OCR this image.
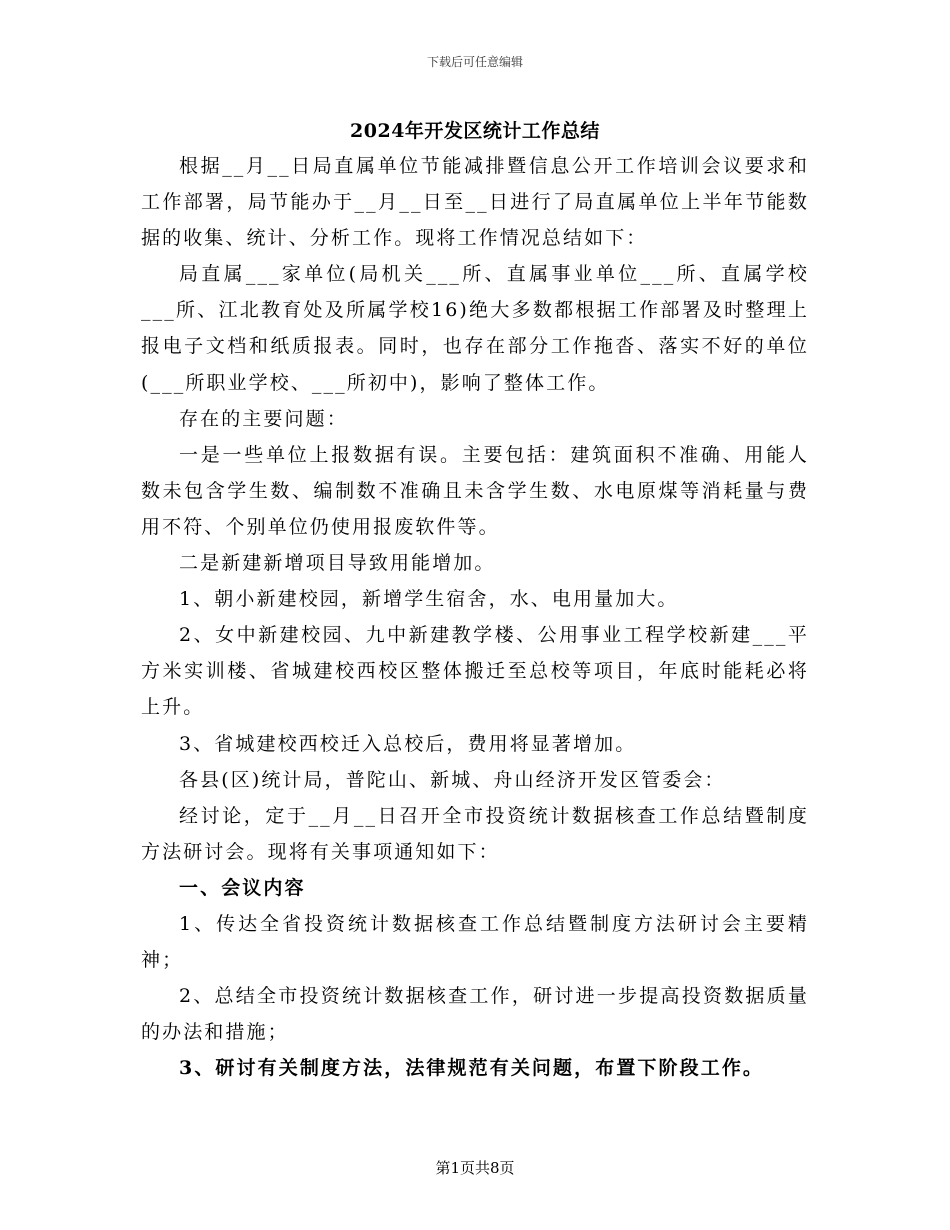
下载后可任意编辑
2024年开发区统计工作总结

根据__月__日局直属单位节能减排暨信息公开工作培训会议要求和工作部署，局节能办于__月__日至__日进行了局直属单位上半年节能数据的收集、统计、分析工作。现将工作情况总结如下：

局直属___家单位(局机关___所、直属事业单位___所、直属学校___所、江北教育处及所属学校16)绝大多数都根据工作部署及时整理上报电子文档和纸质报表。同时，也存在部分工作拖沓、落实不好的单位(___所职业学校、___所初中)，影响了整体工作。

存在的主要问题：

一是一些单位上报数据有误。主要包括：建筑面积不准确、用能人数未包含学生数、编制数不准确且未含学生数、水电原煤等消耗量与费用不符、个别单位仍使用报废软件等。

二是新建新增项目导致用能增加。

1、朝小新建校园，新增学生宿舍，水、电用量加大。

2、女中新建校园、九中新建教学楼、公用事业工程学校新建___平方米实训楼、省城建校西校区整体搬迁至总校等项目，年底时能耗必将上升。

3、省城建校西校迁入总校后，费用将显著增加。

各县(区)统计局，普陀山、新城、舟山经济开发区管委会：

经讨论，定于__月__日召开全市投资统计数据核查工作总结暨制度方法研讨会。现将有关事项通知如下：

一、会议内容

1、传达全省投资统计数据核查工作总结暨制度方法研讨会主要精神；

2、总结全市投资统计数据核查工作，研讨进一步提高投资数据质量的办法和措施；

3、研讨有关制度方法，法律规范有关问题，布置下阶段工作。

第1页共8页
